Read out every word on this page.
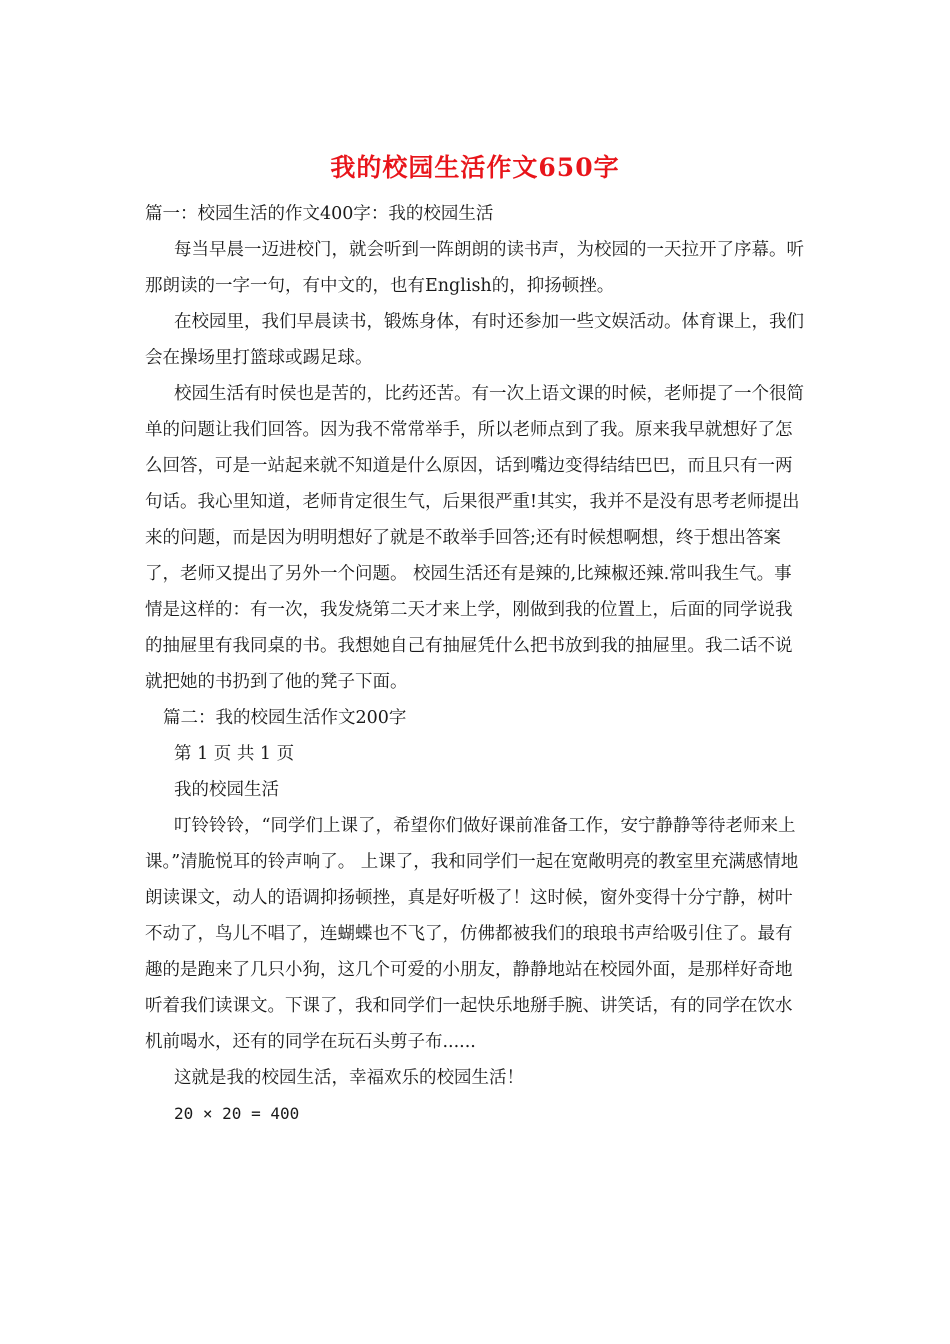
我的校园生活作文650字

篇一：校园生活的作文400字：我的校园生活

每当早晨一迈进校门，就会听到一阵朗朗的读书声，为校园的一天拉开了序幕。听那朗读的一字一句，有中文的，也有English的，抑扬顿挫。

在校园里，我们早晨读书，锻炼身体，有时还参加一些文娱活动。体育课上，我们会在操场里打篮球或踢足球。

校园生活有时侯也是苦的，比药还苦。有一次上语文课的时候，老师提了一个很简单的问题让我们回答。因为我不常常举手，所以老师点到了我。原来我早就想好了怎么回答，可是一站起来就不知道是什么原因，话到嘴边变得结结巴巴，而且只有一两句话。我心里知道，老师肯定很生气，后果很严重!其实，我并不是没有思考老师提出来的问题，而是因为明明想好了就是不敢举手回答;还有时候想啊想，终于想出答案了，老师又提出了另外一个问题。 校园生活还有是辣的,比辣椒还辣.常叫我生气。事情是这样的：有一次，我发烧第二天才来上学，刚做到我的位置上，后面的同学说我的抽屉里有我同桌的书。我想她自己有抽屉凭什么把书放到我的抽屉里。我二话不说就把她的书扔到了他的凳子下面。

篇二：我的校园生活作文200字

第 1 页 共 1 页

我的校园生活

叮铃铃铃，“同学们上课了，希望你们做好课前准备工作，安宁静静等待老师来上课。”清脆悦耳的铃声响了。 上课了，我和同学们一起在宽敞明亮的教室里充满感情地朗读课文，动人的语调抑扬顿挫，真是好听极了！这时候，窗外变得十分宁静，树叶不动了，鸟儿不唱了，连蝴蝶也不飞了，仿佛都被我们的琅琅书声给吸引住了。最有趣的是跑来了几只小狗，这几个可爱的小朋友，静静地站在校园外面，是那样好奇地听着我们读课文。下课了，我和同学们一起快乐地掰手腕、讲笑话，有的同学在饮水机前喝水，还有的同学在玩石头剪子布......

这就是我的校园生活，幸福欢乐的校园生活！

20 × 20 = 400
